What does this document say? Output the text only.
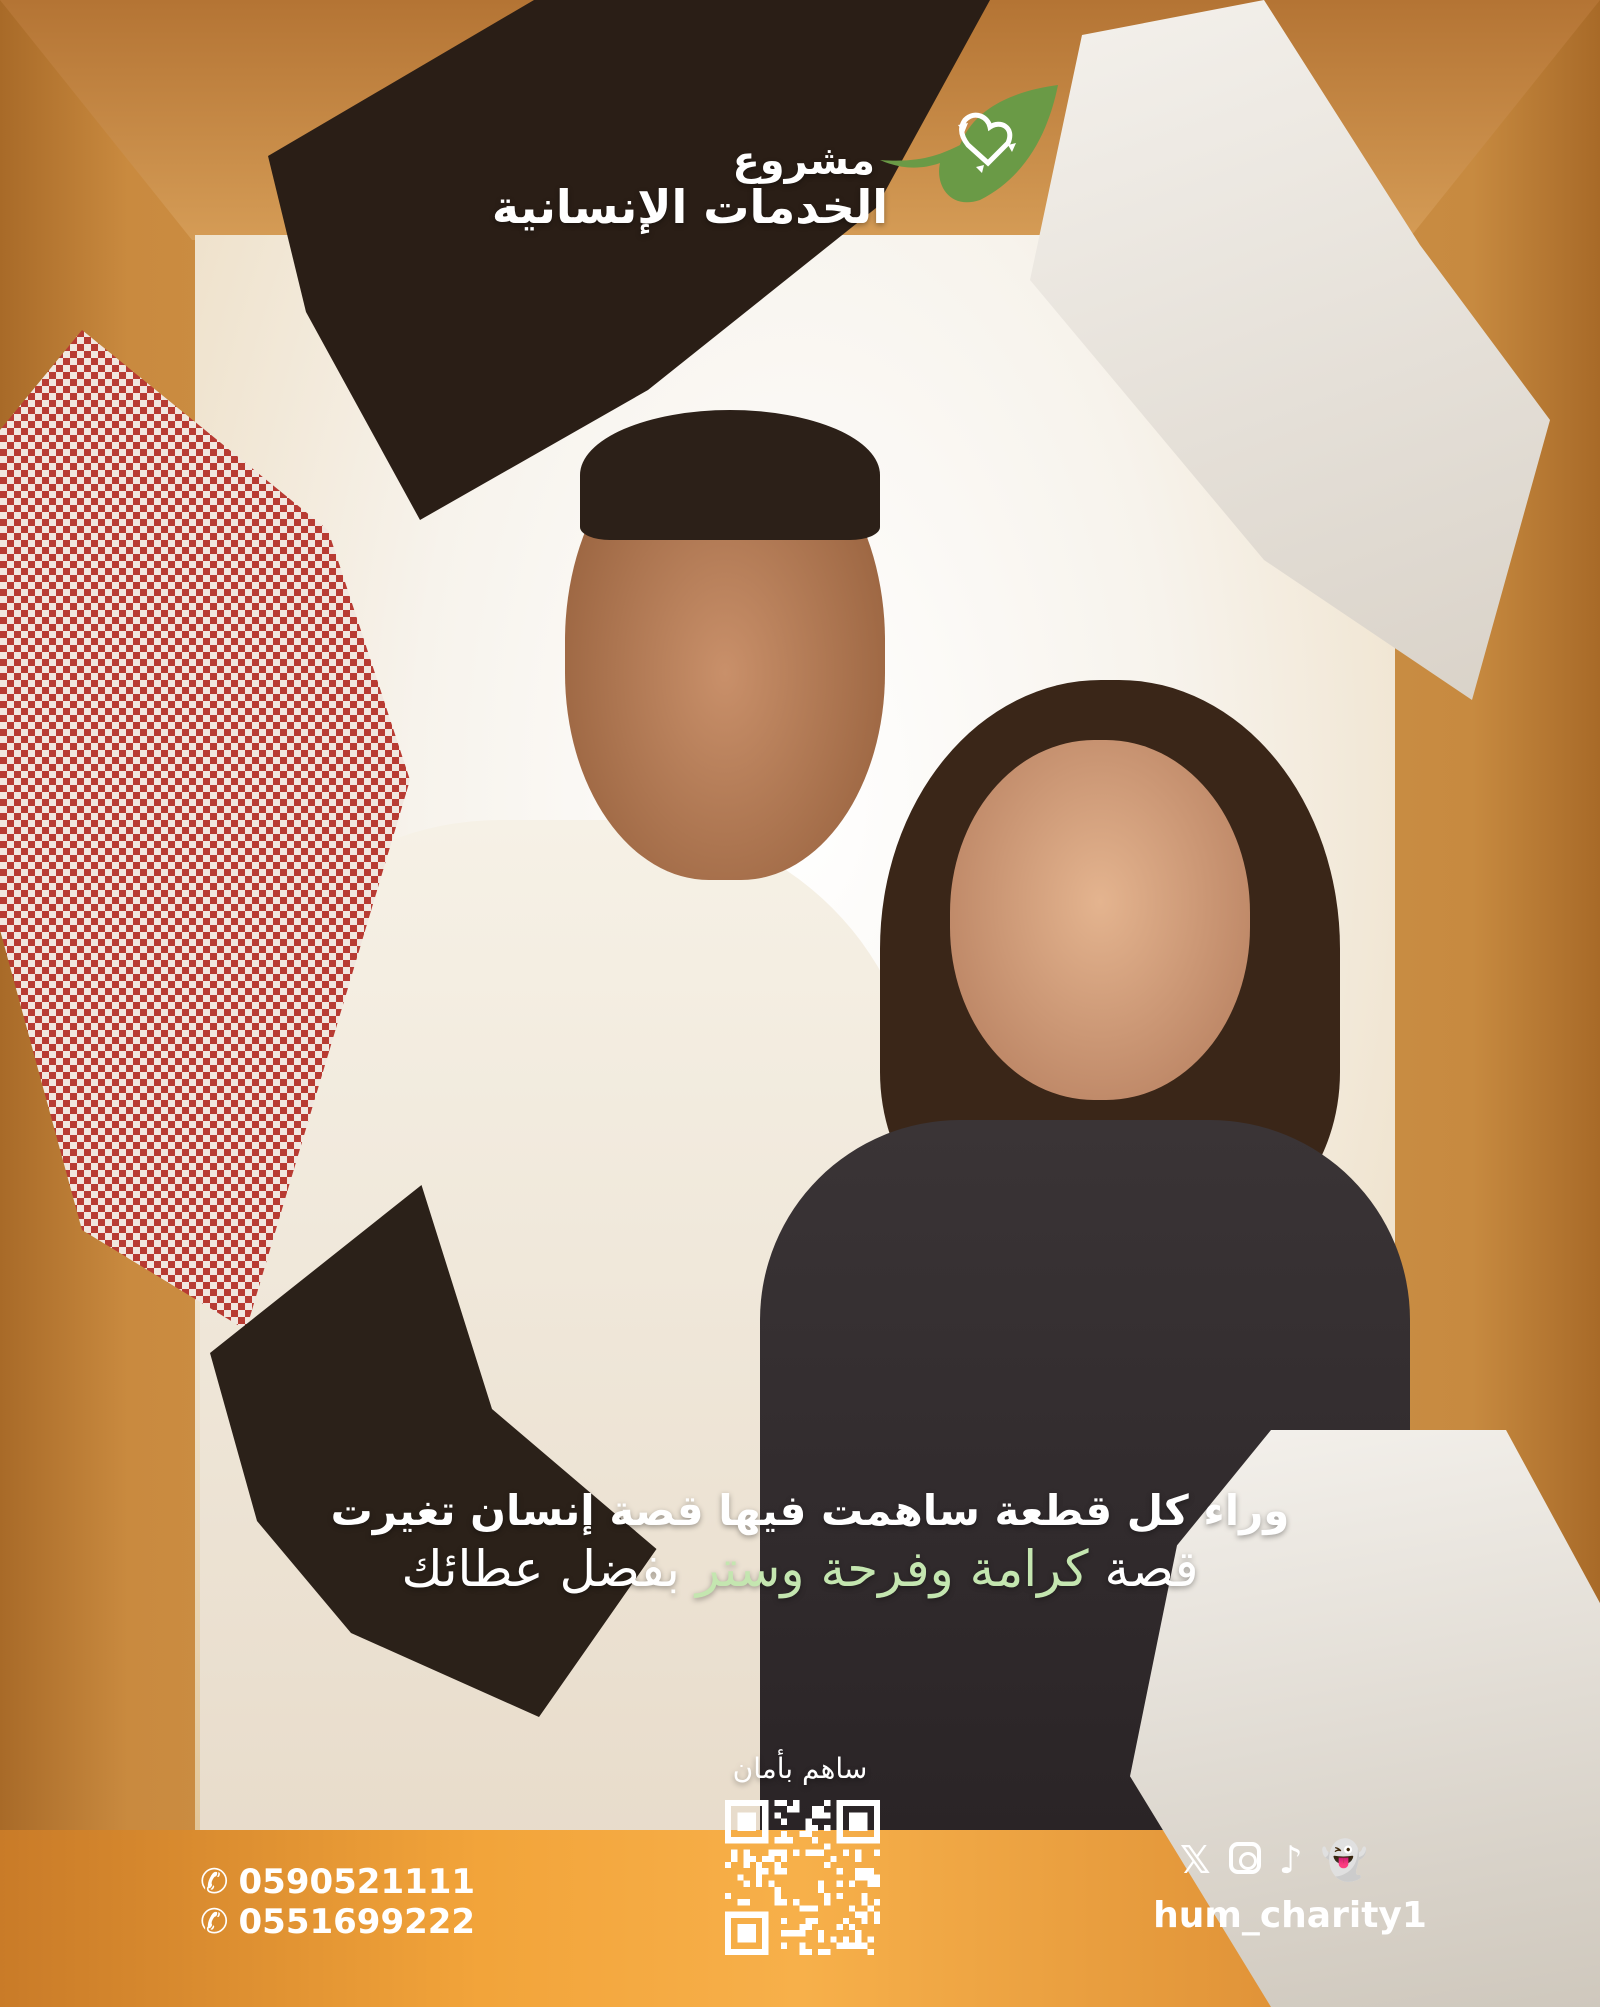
مشروع
الخدمات الإنسانية
وراء كل قطعة ساهمت فيها قصة إنسان تغيرت
قصة كرامة وفرحة وستر بفضل عطائك
ساهم بأمان
✆ 0590521111
✆ 0551699222
𝕏 ♪ 👻
hum_charity1
